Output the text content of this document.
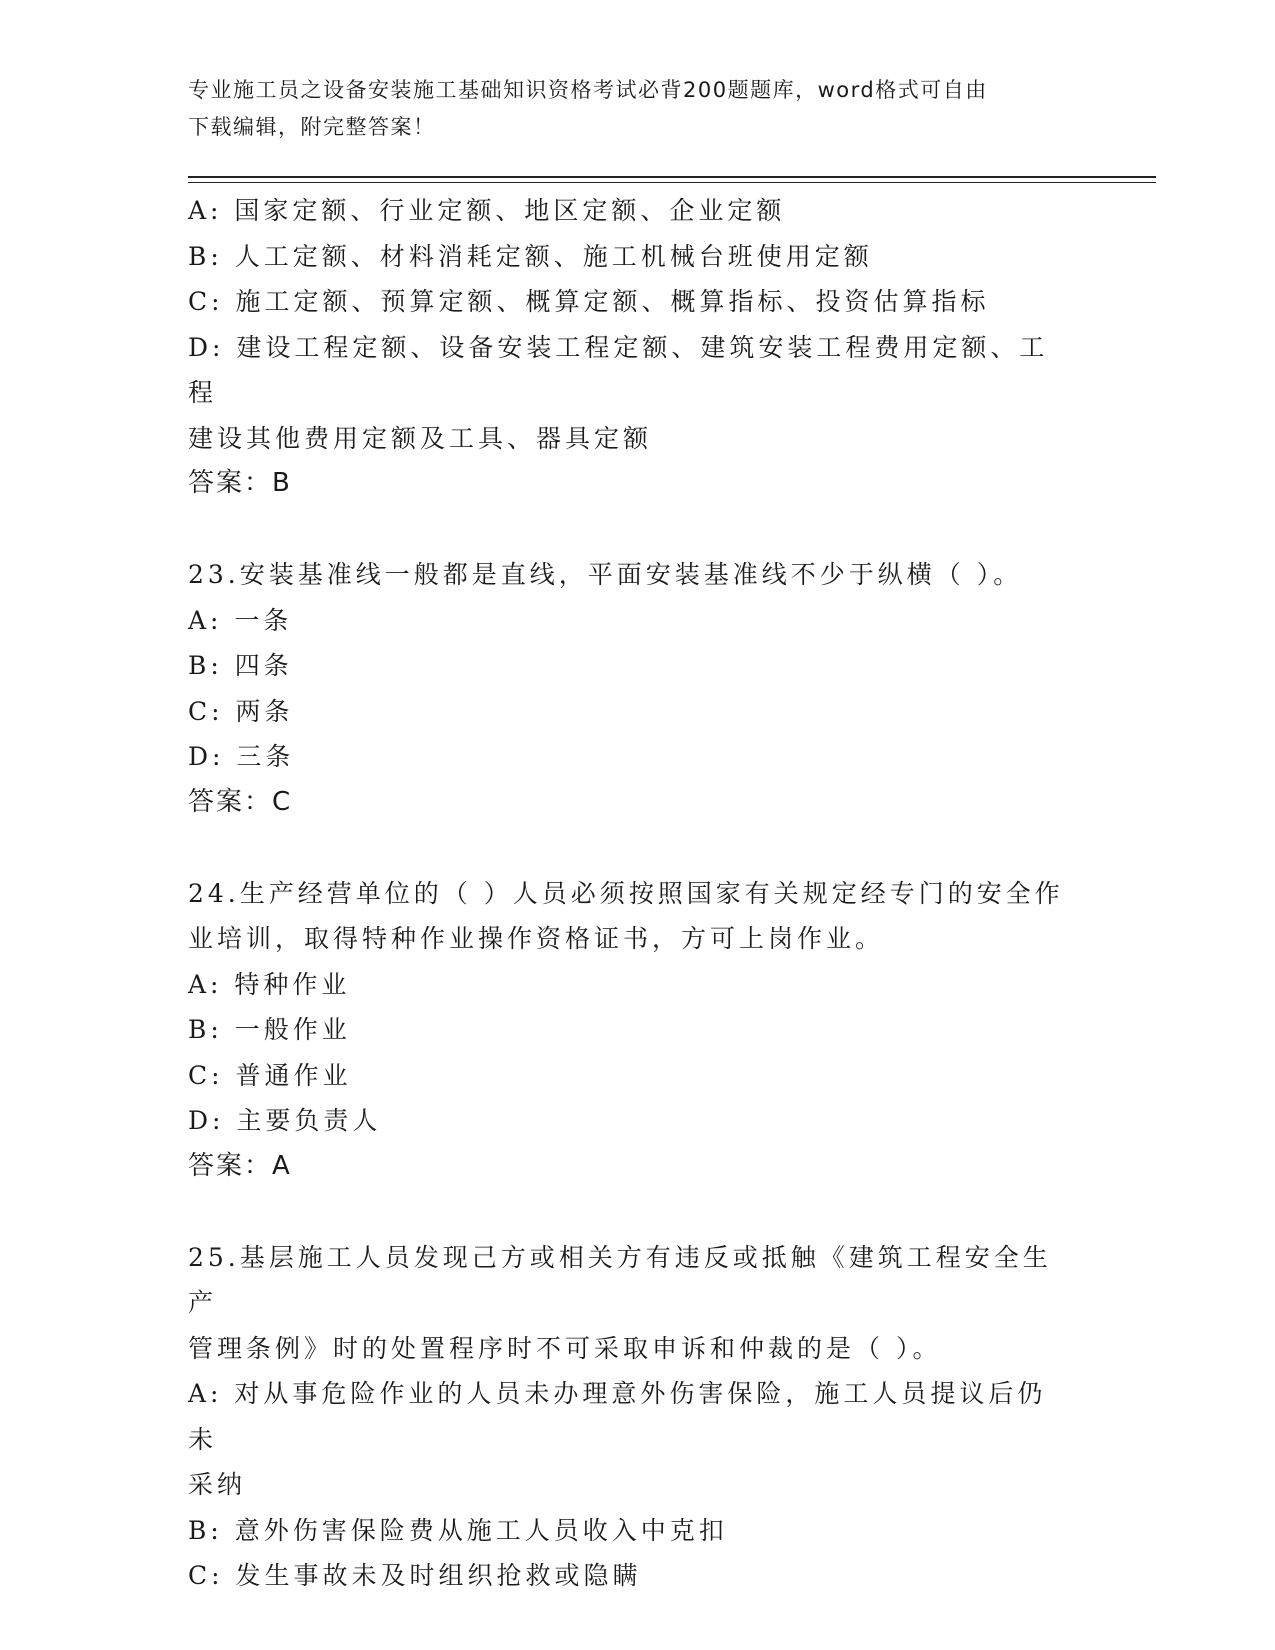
专业施工员之设备安装施工基础知识资格考试必背200题题库，word格式可自由
下载编辑，附完整答案！
A: 国家定额、行业定额、地区定额、企业定额
B: 人工定额、材料消耗定额、施工机械台班使用定额
C: 施工定额、预算定额、概算定额、概算指标、投资估算指标
D: 建设工程定额、设备安装工程定额、建筑安装工程费用定额、工程
建设其他费用定额及工具、器具定额
答案：B
23.安装基准线一般都是直线，平面安装基准线不少于纵横（ ）。
A: 一条
B: 四条
C: 两条
D: 三条
答案：C
24.生产经营单位的（ ）人员必须按照国家有关规定经专门的安全作
业培训，取得特种作业操作资格证书，方可上岗作业。
A: 特种作业
B: 一般作业
C: 普通作业
D: 主要负责人
答案：A
25.基层施工人员发现己方或相关方有违反或抵触《建筑工程安全生产
管理条例》时的处置程序时不可采取申诉和仲裁的是（ ）。
A: 对从事危险作业的人员未办理意外伤害保险，施工人员提议后仍未
采纳
B: 意外伤害保险费从施工人员收入中克扣
C: 发生事故未及时组织抢救或隐瞒
